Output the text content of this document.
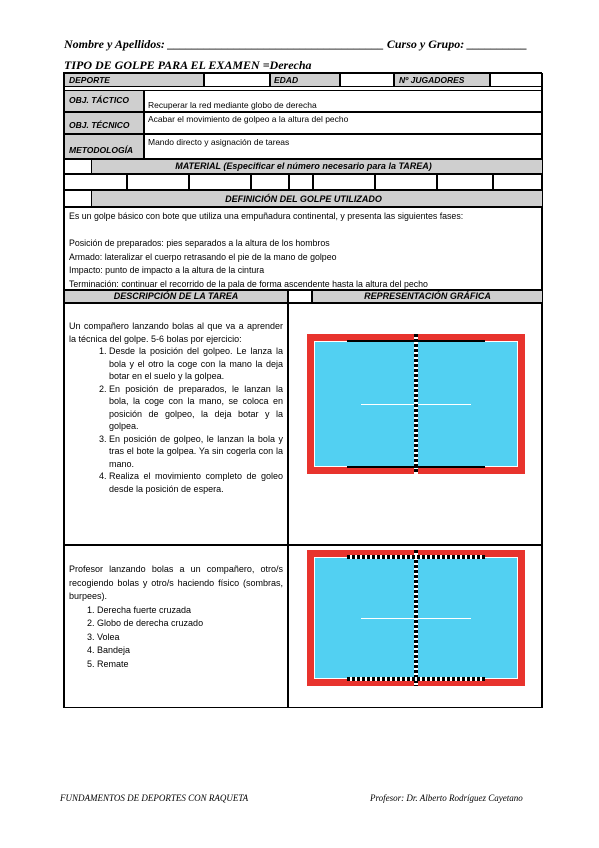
Nombre y Apellidos: ____________________________________ Curso y Grupo: __________
TIPO DE GOLPE PARA EL EXAMEN =Derecha
DEPORTE	EDAD	Nº JUGADORES
OBJ. TÁCTICO Recuperar la red mediante globo de derecha
OBJ. TÉCNICO
Acabar el movimiento de golpeo a la altura del pecho
METODOLOGÍA
Mando directo y asignación de tareas
MATERIAL (Especificar el número necesario para la TAREA)
DEFINICIÓN DEL GOLPE UTILIZADO
Es un golpe básico con bote que utiliza una empuñadura continental, y presenta las siguientes fases:
Posición de preparados: pies separados a la altura de los hombros
Armado: lateralizar el cuerpo retrasando el pie de la mano de golpeo
Impacto: punto de impacto a la altura de la cintura
Terminación: continuar el recorrido de la pala de forma ascendente hasta la altura del pecho
DESCRIPCIÓN DE LA TAREA	REPRESENTACIÓN GRÁFICA
Un compañero lanzando bolas al que va a aprender la técnica del golpe. 5-6 bolas por ejercicio:
1. Desde la posición del golpeo. Le lanza la bola y el otro la coge con la mano la deja botar en el suelo y la golpea.
2. En posición de preparados, le lanzan la bola, la coge con la mano, se coloca en posición de golpeo, la deja botar y la golpea.
3. En posición de golpeo, le lanzan la bola y tras el bote la golpea. Ya sin cogerla con la mano.
4. Realiza el movimiento completo de goleo desde la posición de espera.
Profesor lanzando bolas a un compañero, otro/s recogiendo bolas y otro/s haciendo físico (sombras, burpees).
1. Derecha fuerte cruzada
2. Globo de derecha cruzado
3. Volea
4. Bandeja
5. Remate
FUNDAMENTOS DE DEPORTES CON RAQUETA	Profesor: Dr. Alberto Rodríguez Cayetano
